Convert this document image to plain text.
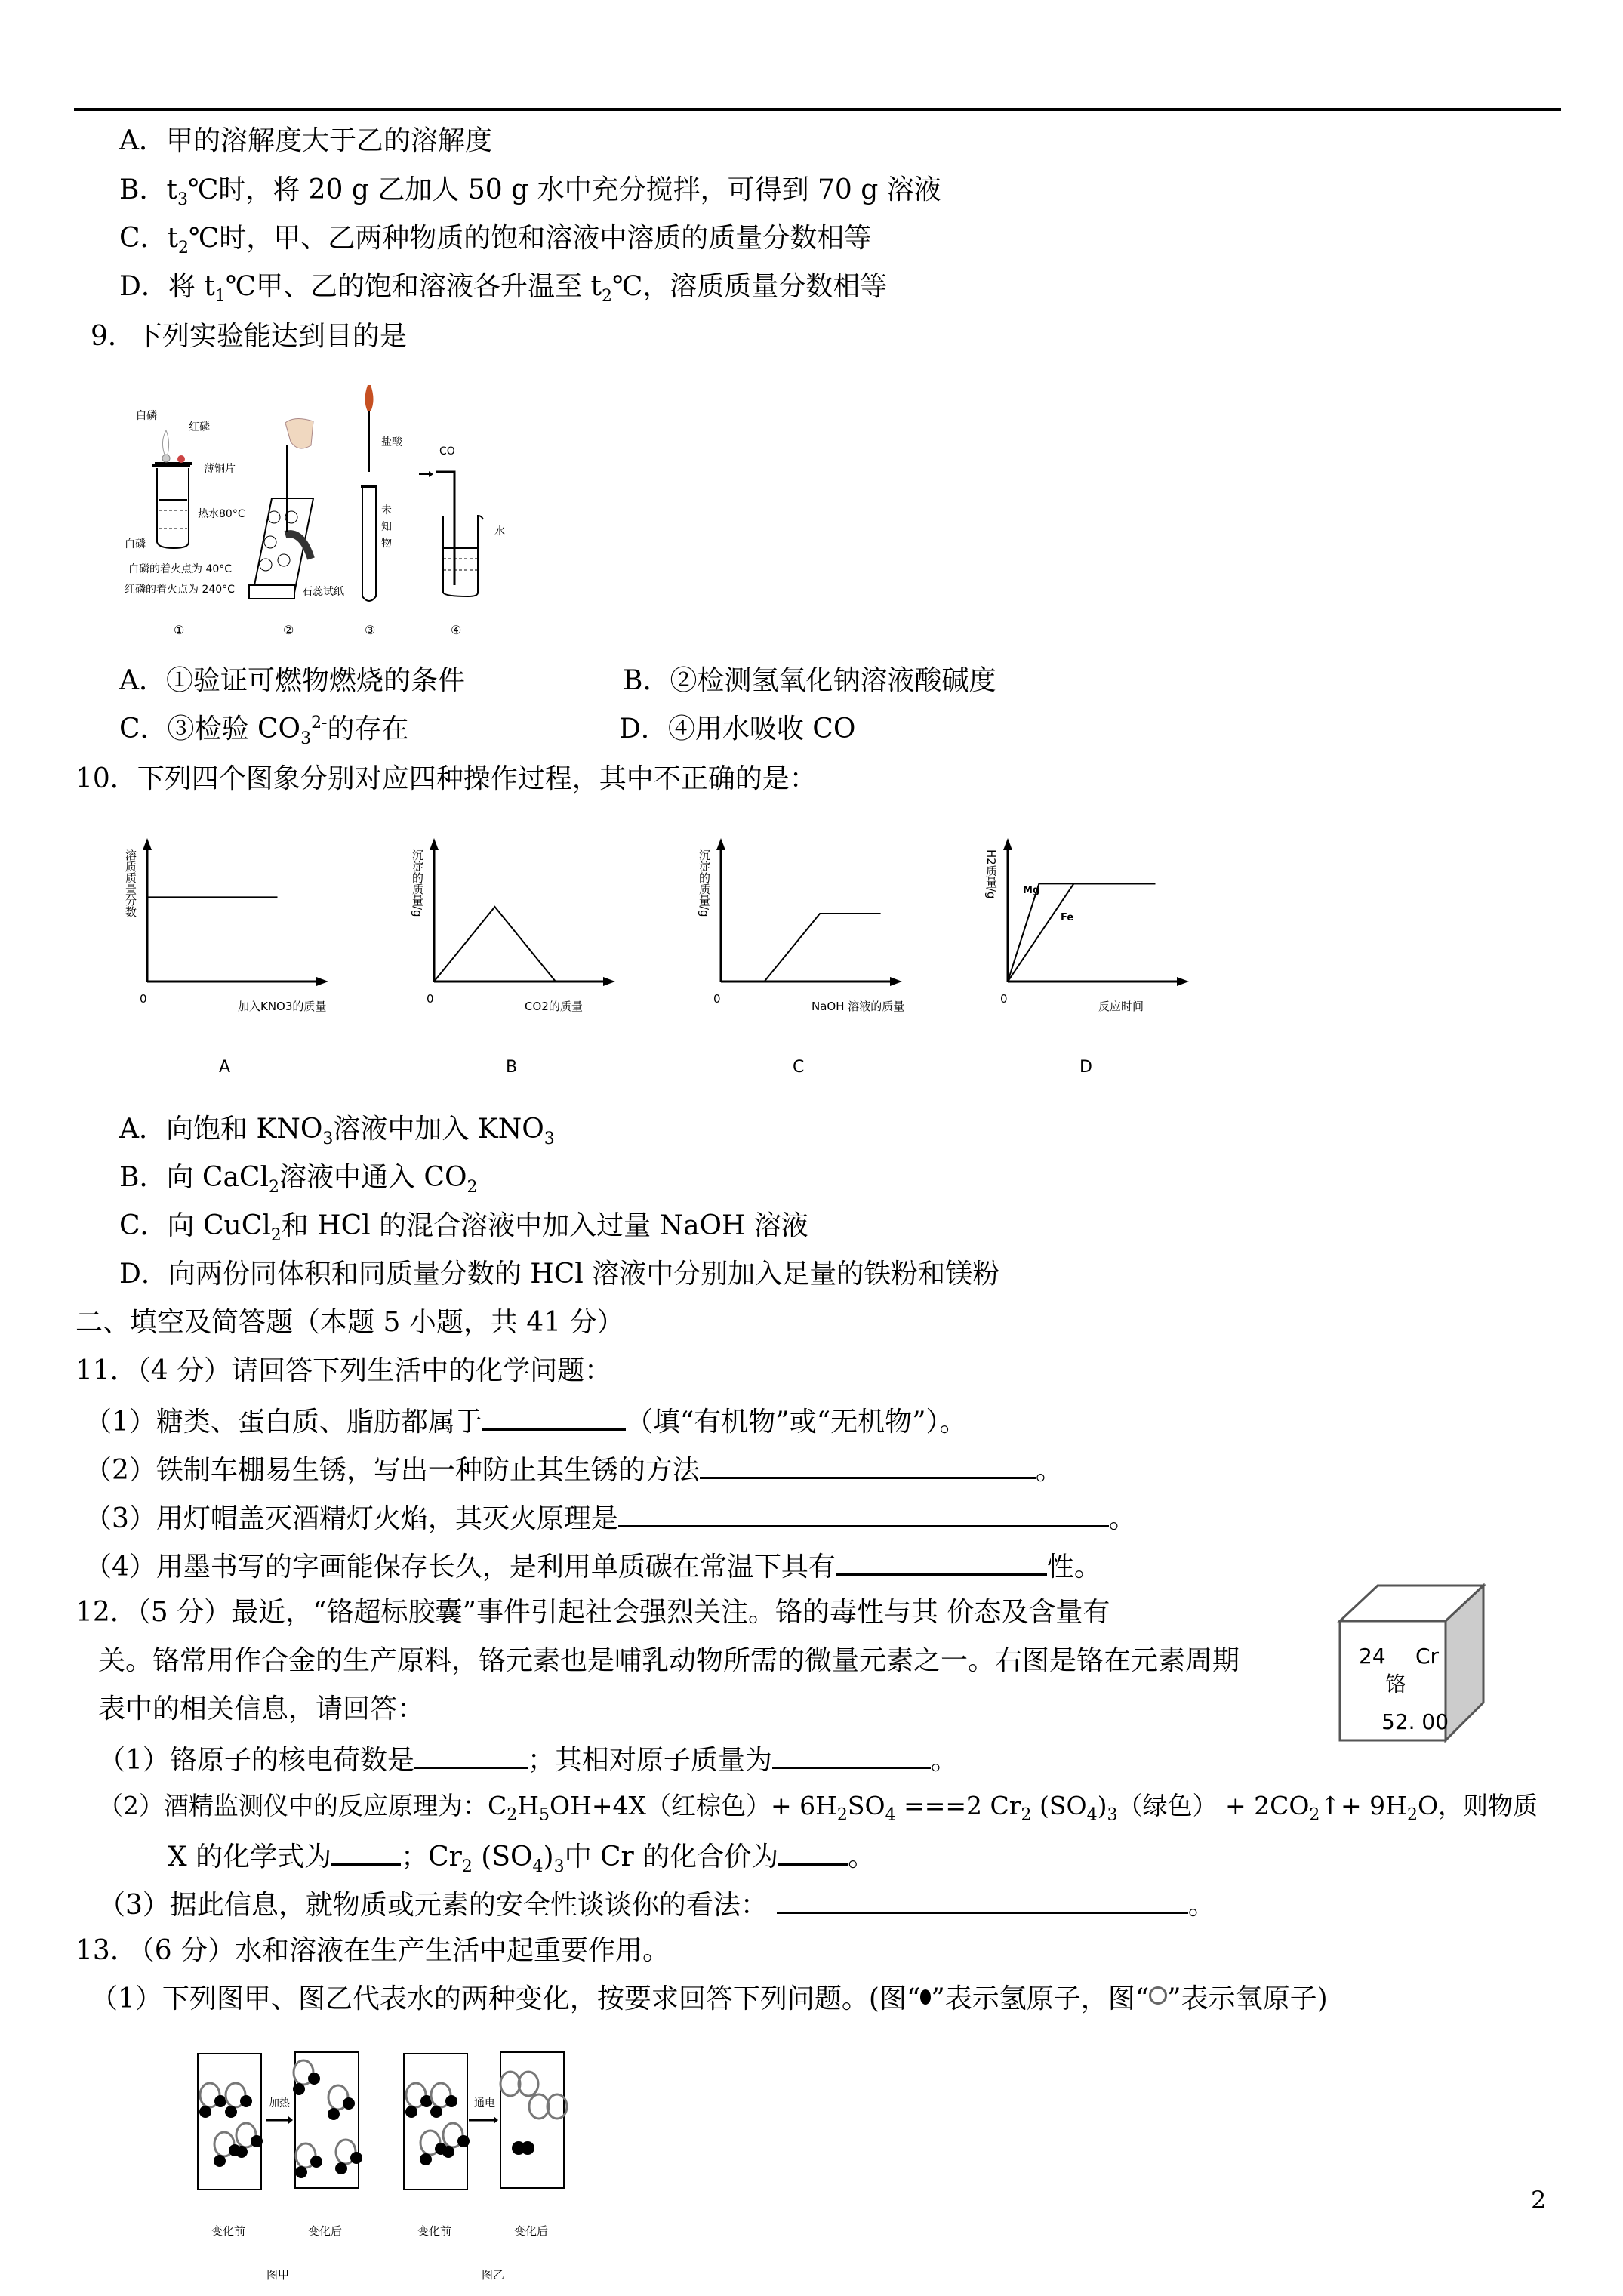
A．甲的溶解度大于乙的溶解度
B．$t_3℃$时，将 20 g 乙加人 50 g 水中充分搅拌，可得到 70 g 溶液
C．$t_2℃$时，甲、乙两种物质的饱和溶液中溶质的质量分数相等
D．将 $t_1℃$甲、乙的饱和溶液各升温至 $t_2℃$，溶质质量分数相等
9．下列实验能达到目的是
白磷
红磷
薄铜片
热水80°C
白磷
白磷的着火点为 40°C
红磷的着火点为 240°C
①
石蕊试纸
②
盐酸
未
知
物
③
CO
水
④
A．①验证可燃物燃烧的条件	B．②检测氢氧化钠溶液酸碱度
C．③检验 $CO_3^{2-}$的存在	D．④用水吸收 CO
10．下列四个图象分别对应四种操作过程，其中不正确的是：
溶质质量分数
加入KNO3的质量
0
A
沉淀的质量/g
CO2的质量
0
B
沉淀的质量/g
NaOH 溶液的质量
0
C
Mg
Fe
H2质量/g
反应时间
0
D
A．向饱和 $KNO_3$溶液中加入 $KNO_3$
B．向 CaCl$_2$溶液中通入 $CO_2$
C．向 CuCl$_2$和 HCl 的混合溶液中加入过量 NaOH 溶液
D．向两份同体积和同质量分数的 HCl 溶液中分别加入足量的铁粉和镁粉
二、填空及简答题（本题 5 小题，共 41 分）
11．（4 分）请回答下列生活中的化学问题：
（1）糖类、蛋白质、脂肪都属于	（填“有机物”或“无机物”）。
（2）铁制车棚易生锈，写出一种防止其生锈的方法	。
（3）用灯帽盖灭酒精灯火焰，其灭火原理是	。
（4）用墨书写的字画能保存长久，是利用单质碳在常温下具有	性。
12．（5 分）最近，“铬超标胶囊”事件引起社会强烈关注。铬的毒性与其 价态及含量有
关。铬常用作合金的生产原料，铬元素也是哺乳动物所需的微量元素之一。右图是铬在元素周期
表中的相关信息，请回答：
24 Cr
铬
52. 00
（1）铬原子的核电荷数是	；其相对原子质量为	。
（2）酒精监测仪中的反应原理为：$C_2H_5OH+4X$（红棕色）+ $6H_2SO_4 ===2$ $Cr_2$ $(SO_4)_3$（绿色） + $2CO_2↑+ 9H_2O$，则物质
X 的化学式为	；$Cr_2$ $(SO_4)_3$中 Cr 的化合价为	。
（3）据此信息，就物质或元素的安全性谈谈你的看法：	。
13. （6 分）水和溶液在生产生活中起重要作用。
（1）下列图甲、图乙代表水的两种变化，按要求回答下列问题。(图“ ”表示氢原子，图“ ”表示氧原子)
加热
变化前	变化后
图甲
通电
变化前	变化后
图乙
2
